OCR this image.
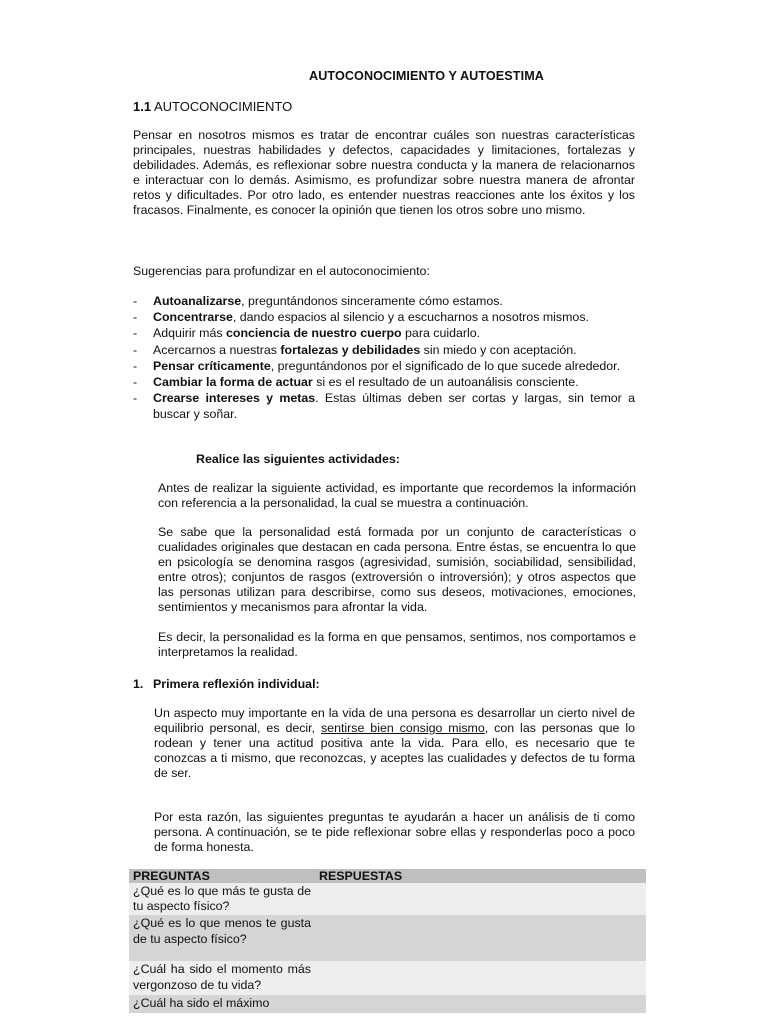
AUTOCONOCIMIENTO Y AUTOESTIMA
1.1 AUTOCONOCIMIENTO

Pensar en nosotros mismos es tratar de encontrar cuáles son nuestras características principales, nuestras habilidades y defectos, capacidades y limitaciones, fortalezas y debilidades. Además, es reflexionar sobre nuestra conducta y la manera de relacionarnos e interactuar con lo demás. Asimismo, es profundizar sobre nuestra manera de afrontar retos y dificultades. Por otro lado, es entender nuestras reacciones ante los éxitos y los fracasos. Finalmente, es conocer la opinión que tienen los otros sobre uno mismo.

Sugerencias para profundizar en el autoconocimiento:

- Autoanalizarse, preguntándonos sinceramente cómo estamos.
- Concentrarse, dando espacios al silencio y a escucharnos a nosotros mismos.
- Adquirir más conciencia de nuestro cuerpo para cuidarlo.
- Acercarnos a nuestras fortalezas y debilidades sin miedo y con aceptación.
- Pensar críticamente, preguntándonos por el significado de lo que sucede alrededor.
- Cambiar la forma de actuar si es el resultado de un autoanálisis consciente.
- Crearse intereses y metas. Estas últimas deben ser cortas y largas, sin temor a buscar y soñar.
Realice las siguientes actividades:

Antes de realizar la siguiente actividad, es importante que recordemos la información con referencia a la personalidad, la cual se muestra a continuación.

Se sabe que la personalidad está formada por un conjunto de características o cualidades originales que destacan en cada persona. Entre éstas, se encuentra lo que en psicología se denomina rasgos (agresividad, sumisión, sociabilidad, sensibilidad, entre otros); conjuntos de rasgos (extroversión o introversión); y otros aspectos que las personas utilizan para describirse, como sus deseos, motivaciones, emociones, sentimientos y mecanismos para afrontar la vida.

Es decir, la personalidad es la forma en que pensamos, sentimos, nos comportamos e interpretamos la realidad.

1. Primera reflexión individual:

Un aspecto muy importante en la vida de una persona es desarrollar un cierto nivel de equilibrio personal, es decir, sentirse bien consigo mismo, con las personas que lo rodean y tener una actitud positiva ante la vida. Para ello, es necesario que te conozcas a ti mismo, que reconozcas, y aceptes las cualidades y defectos de tu forma de ser.

Por esta razón, las siguientes preguntas te ayudarán a hacer un análisis de ti como persona. A continuación, se te pide reflexionar sobre ellas y responderlas poco a poco de forma honesta.

PREGUNTAS	RESPUESTAS
¿Qué es lo que más te gusta de tu aspecto físico?	
¿Qué es lo que menos te gusta de tu aspecto físico?	
¿Cuál ha sido el momento más vergonzoso de tu vida?	
¿Cuál ha sido el máximo	
